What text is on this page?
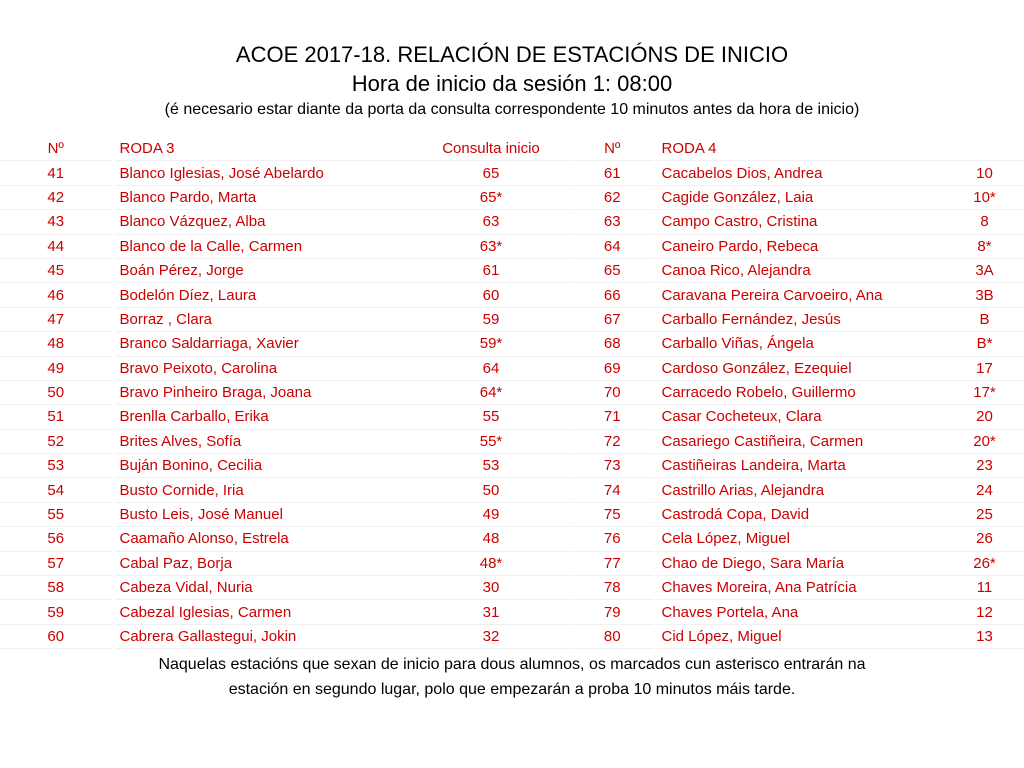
ACOE 2017-18. RELACIÓN DE ESTACIÓNS DE INICIO
Hora de inicio da sesión 1: 08:00
(é necesario estar diante da porta da consulta correspondente 10 minutos antes da hora de inicio)
Nº	RODA 3	Consulta inicio
41	Blanco Iglesias, José Abelardo	65
42	Blanco Pardo, Marta	65*
43	Blanco Vázquez, Alba	63
44	Blanco de la Calle, Carmen	63*
45	Boán Pérez, Jorge	61
46	Bodelón Díez, Laura	60
47	Borraz , Clara	59
48	Branco Saldarriaga, Xavier	59*
49	Bravo Peixoto, Carolina	64
50	Bravo Pinheiro Braga, Joana	64*
51	Brenlla Carballo, Erika	55
52	Brites Alves, Sofía	55*
53	Buján Bonino, Cecilia	53
54	Busto Cornide, Iria	50
55	Busto Leis, José Manuel	49
56	Caamaño Alonso, Estrela	48
57	Cabal Paz, Borja	48*
58	Cabeza Vidal, Nuria	30
59	Cabezal Iglesias, Carmen	31
60	Cabrera Gallastegui, Jokin	32
Nº	RODA 4	
61	Cacabelos Dios, Andrea	10
62	Cagide González, Laia	10*
63	Campo Castro, Cristina	8
64	Caneiro Pardo, Rebeca	8*
65	Canoa Rico, Alejandra	3A
66	Caravana Pereira Carvoeiro, Ana	3B
67	Carballo Fernández, Jesús	B
68	Carballo Viñas, Ángela	B*
69	Cardoso González, Ezequiel	17
70	Carracedo Robelo, Guillermo	17*
71	Casar Cocheteux, Clara	20
72	Casariego Castiñeira, Carmen	20*
73	Castiñeiras Landeira, Marta	23
74	Castrillo Arias, Alejandra	24
75	Castrodá Copa, David	25
76	Cela López, Miguel	26
77	Chao de Diego, Sara María	26*
78	Chaves Moreira, Ana Patrícia	11
79	Chaves Portela, Ana	12
80	Cid López, Miguel	13
Naquelas estacións que sexan de inicio para dous alumnos, os marcados cun asterisco entrarán na
estación en segundo lugar, polo que empezarán a proba 10 minutos máis tarde.
